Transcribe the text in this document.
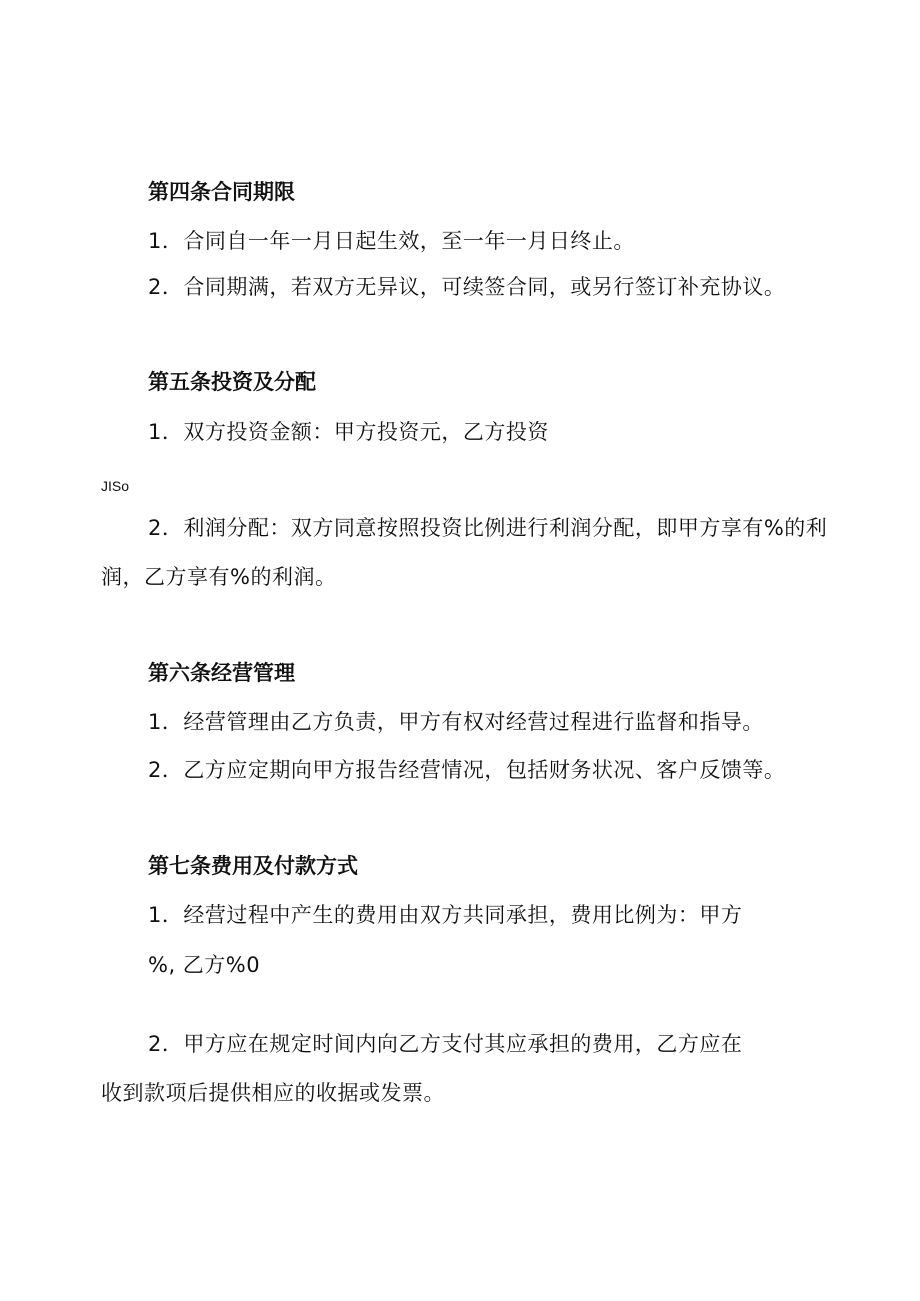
第四条合同期限
1．合同自一年一月日起生效，至一年一月日终止。
2．合同期满，若双方无异议，可续签合同，或另行签订补充协议。
第五条投资及分配
1．双方投资金额：甲方投资元，乙方投资
JISo
2．利润分配：双方同意按照投资比例进行利润分配，即甲方享有%的利
润，乙方享有%的利润。
第六条经营管理
1．经营管理由乙方负责，甲方有权对经营过程进行监督和指导。
2．乙方应定期向甲方报告经营情况，包括财务状况、客户反馈等。
第七条费用及付款方式
1．经营过程中产生的费用由双方共同承担，费用比例为：甲方
%, 乙方%0
2．甲方应在规定时间内向乙方支付其应承担的费用，乙方应在
收到款项后提供相应的收据或发票。
